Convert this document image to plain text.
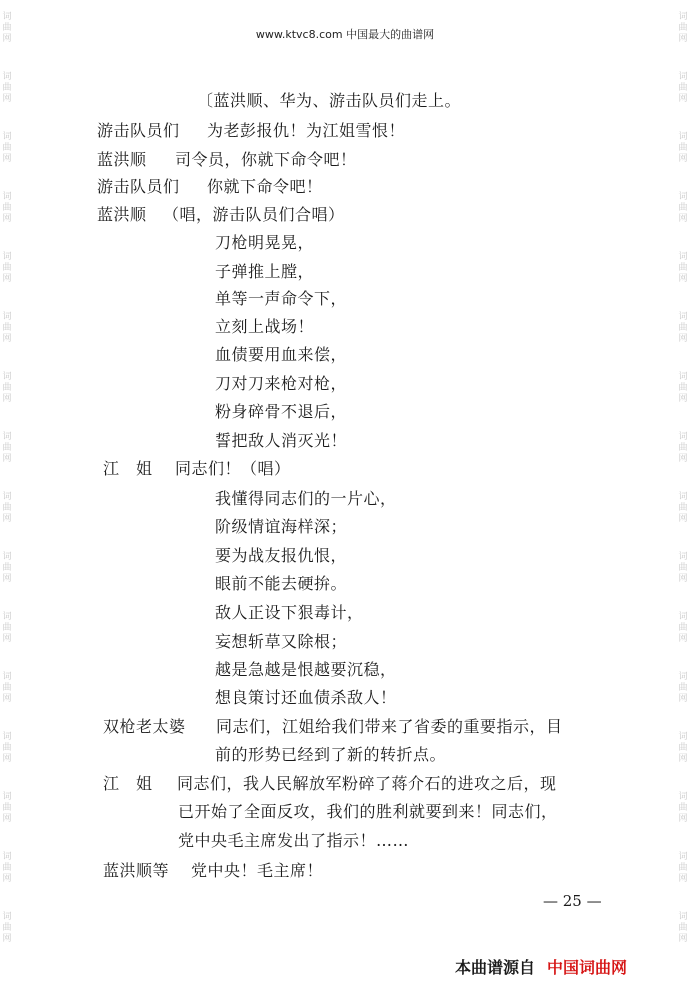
词
曲
网
词
曲
网
词
曲
网
词
曲
网
词
曲
网
词
曲
网
词
曲
网
词
曲
网
词
曲
网
词
曲
网
词
曲
网
词
曲
网
词
曲
网
词
曲
网
词
曲
网
词
曲
网
词
曲
网
词
曲
网
词
曲
网
词
曲
网
词
曲
网
词
曲
网
词
曲
网
词
曲
网
词
曲
网
词
曲
网
词
曲
网
词
曲
网
词
曲
网
词
曲
网
词
曲
网
词
曲
网
www.ktvc8.com 中国最大的曲谱网
〔蓝洪顺、华为、游击队员们走上。
游击队员们 为老彭报仇！为江姐雪恨！
蓝洪顺 司令员，你就下命令吧！
游击队员们 你就下命令吧！
蓝洪顺 （唱，游击队员们合唱）
刀枪明晃晃，
子弹推上膛，
单等一声命令下，
立刻上战场！
血债要用血来偿，
刀对刀来枪对枪，
粉身碎骨不退后，
誓把敌人消灭光！
江　姐 同志们！（唱）
我懂得同志们的一片心，
阶级情谊海样深；
要为战友报仇恨，
眼前不能去硬拚。
敌人正设下狠毒计，
妄想斩草又除根；
越是急越是恨越要沉稳，
想良策讨还血债杀敌人！
双枪老太婆 同志们，江姐给我们带来了省委的重要指示，目
前的形势已经到了新的转折点。
江　姐 同志们，我人民解放军粉碎了蒋介石的进攻之后，现
已开始了全面反攻，我们的胜利就要到来！同志们，
党中央毛主席发出了指示！……
蓝洪顺等 党中央！毛主席！
— 25 —
本曲谱源自 中国词曲网
